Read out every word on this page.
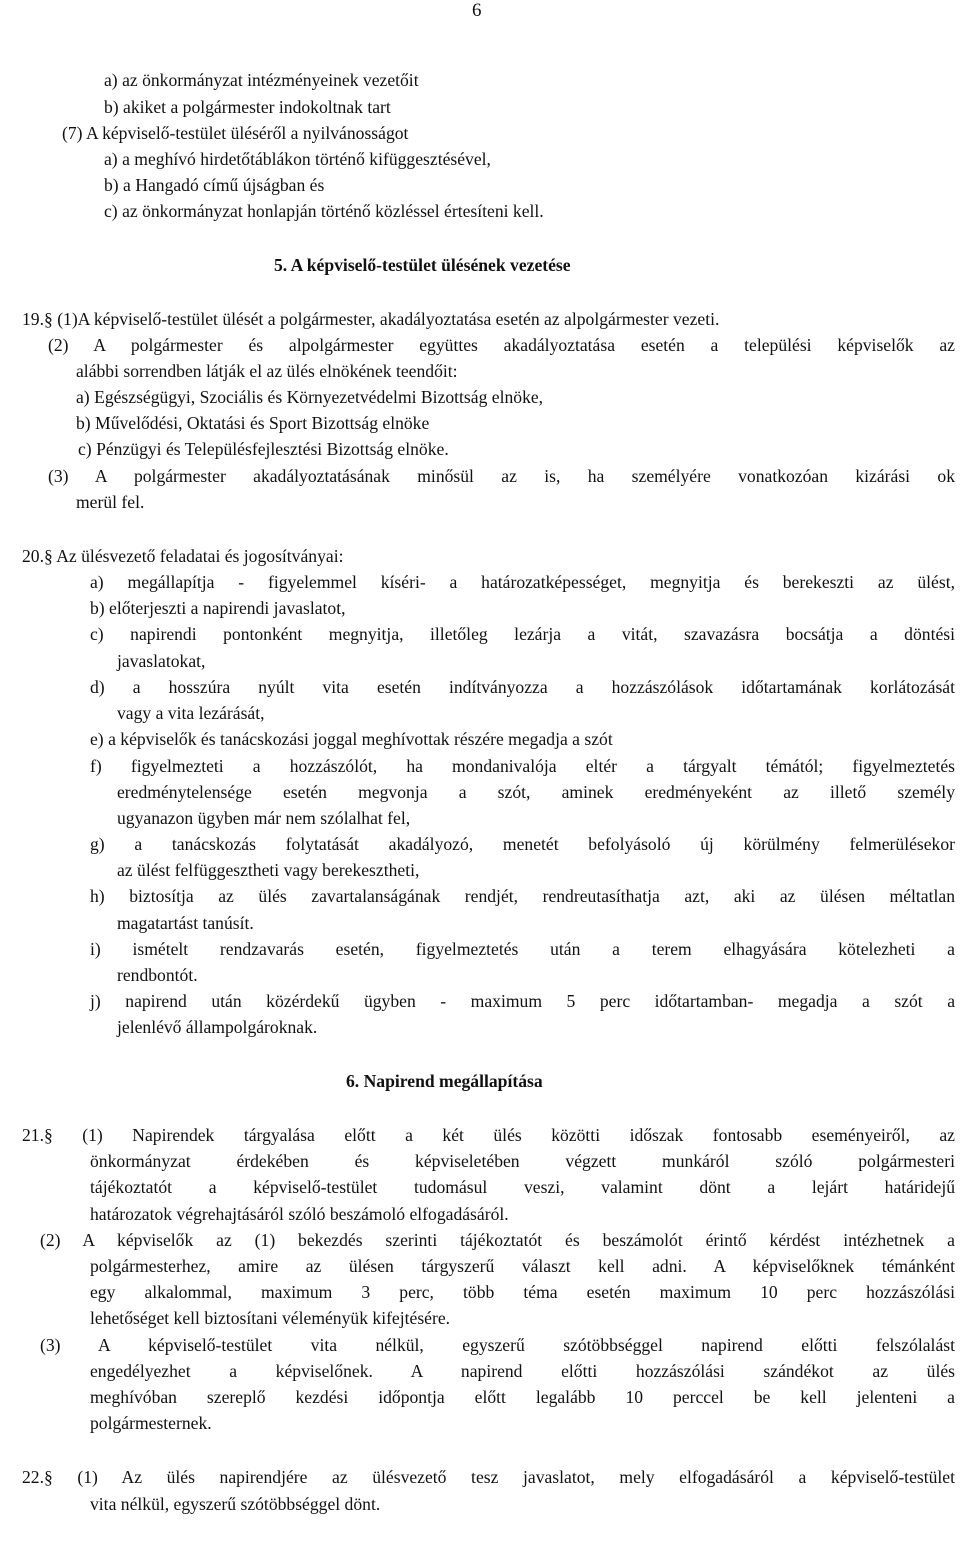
6
a) az önkormányzat intézményeinek vezetőit
b) akiket a polgármester indokoltnak tart
(7) A képviselő-testület üléséről a nyilvánosságot
a) a meghívó hirdetőtáblákon történő kifüggesztésével,
b) a Hangadó című újságban és
c) az önkormányzat honlapján történő közléssel értesíteni kell.
5. A képviselő-testület ülésének vezetése
19.§ (1)A képviselő-testület ülését a polgármester, akadályoztatása esetén az alpolgármester vezeti.
(2) A polgármester és alpolgármester együttes akadályoztatása esetén a települési képviselők az
alábbi sorrendben látják el az ülés elnökének teendőit:
a) Egészségügyi, Szociális és Környezetvédelmi Bizottság elnöke,
b) Művelődési, Oktatási és Sport Bizottság elnöke
c) Pénzügyi és Településfejlesztési Bizottság elnöke.
(3) A polgármester akadályoztatásának minősül az is, ha személyére vonatkozóan kizárási ok
merül fel.
20.§ Az ülésvezető feladatai és jogosítványai:
a) megállapítja - figyelemmel kíséri- a határozatképességet, megnyitja és berekeszti az ülést,
b) előterjeszti a napirendi javaslatot,
c) napirendi pontonként megnyitja, illetőleg lezárja a vitát, szavazásra bocsátja a döntési
javaslatokat,
d) a hosszúra nyúlt vita esetén indítványozza a hozzászólások időtartamának korlátozását
vagy a vita lezárását,
e) a képviselők és tanácskozási joggal meghívottak részére megadja a szót
f) figyelmezteti a hozzászólót, ha mondanivalója eltér a tárgyalt témától; figyelmeztetés
eredménytelensége esetén megvonja a szót, aminek eredményeként az illető személy
ugyanazon ügyben már nem szólalhat fel,
g) a tanácskozás folytatását akadályozó, menetét befolyásoló új körülmény felmerülésekor
az ülést felfüggesztheti vagy berekesztheti,
h) biztosítja az ülés zavartalanságának rendjét, rendreutasíthatja azt, aki az ülésen méltatlan
magatartást tanúsít.
i) ismételt rendzavarás esetén, figyelmeztetés után a terem elhagyására kötelezheti a
rendbontót.
j) napirend után közérdekű ügyben - maximum 5 perc időtartamban- megadja a szót a
jelenlévő állampolgároknak.
6. Napirend megállapítása
21.§ (1) Napirendek tárgyalása előtt a két ülés közötti időszak fontosabb eseményeiről, az
önkormányzat érdekében és képviseletében végzett munkáról szóló polgármesteri
tájékoztatót a képviselő-testület tudomásul veszi, valamint dönt a lejárt határidejű
határozatok végrehajtásáról szóló beszámoló elfogadásáról.
(2) A képviselők az (1) bekezdés szerinti tájékoztatót és beszámolót érintő kérdést intézhetnek a
polgármesterhez, amire az ülésen tárgyszerű választ kell adni. A képviselőknek témánként
egy alkalommal, maximum 3 perc, több téma esetén maximum 10 perc hozzászólási
lehetőséget kell biztosítani véleményük kifejtésére.
(3) A képviselő-testület vita nélkül, egyszerű szótöbbséggel napirend előtti felszólalást
engedélyezhet a képviselőnek. A napirend előtti hozzászólási szándékot az ülés
meghívóban szereplő kezdési időpontja előtt legalább 10 perccel be kell jelenteni a
polgármesternek.
22.§ (1) Az ülés napirendjére az ülésvezető tesz javaslatot, mely elfogadásáról a képviselő-testület
vita nélkül, egyszerű szótöbbséggel dönt.
